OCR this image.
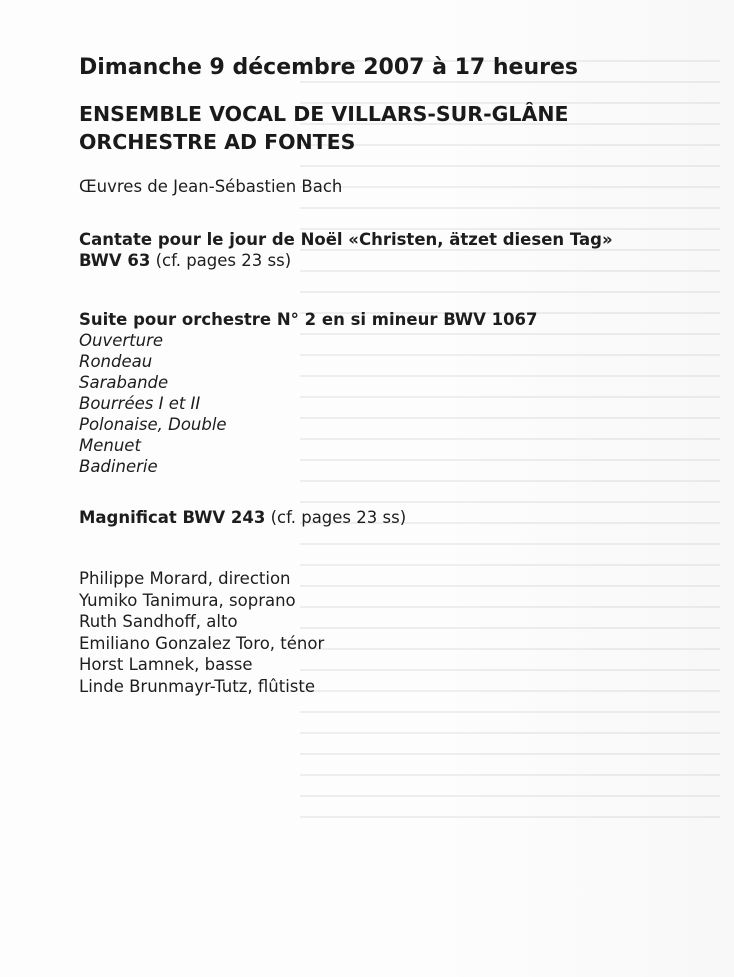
Dimanche 9 décembre 2007 à 17 heures
ENSEMBLE VOCAL DE VILLARS-SUR-GLÂNE
ORCHESTRE AD FONTES
Œuvres de Jean-Sébastien Bach
Cantate pour le jour de Noël «Christen, ätzet diesen Tag»
BWV 63 (cf. pages 23 ss)
Suite pour orchestre N° 2 en si mineur BWV 1067
Ouverture
Rondeau
Sarabande
Bourrées I et II
Polonaise, Double
Menuet
Badinerie
Magnificat BWV 243 (cf. pages 23 ss)
Philippe Morard, direction
Yumiko Tanimura, soprano
Ruth Sandhoff, alto
Emiliano Gonzalez Toro, ténor
Horst Lamnek, basse
Linde Brunmayr-Tutz, flûtiste
